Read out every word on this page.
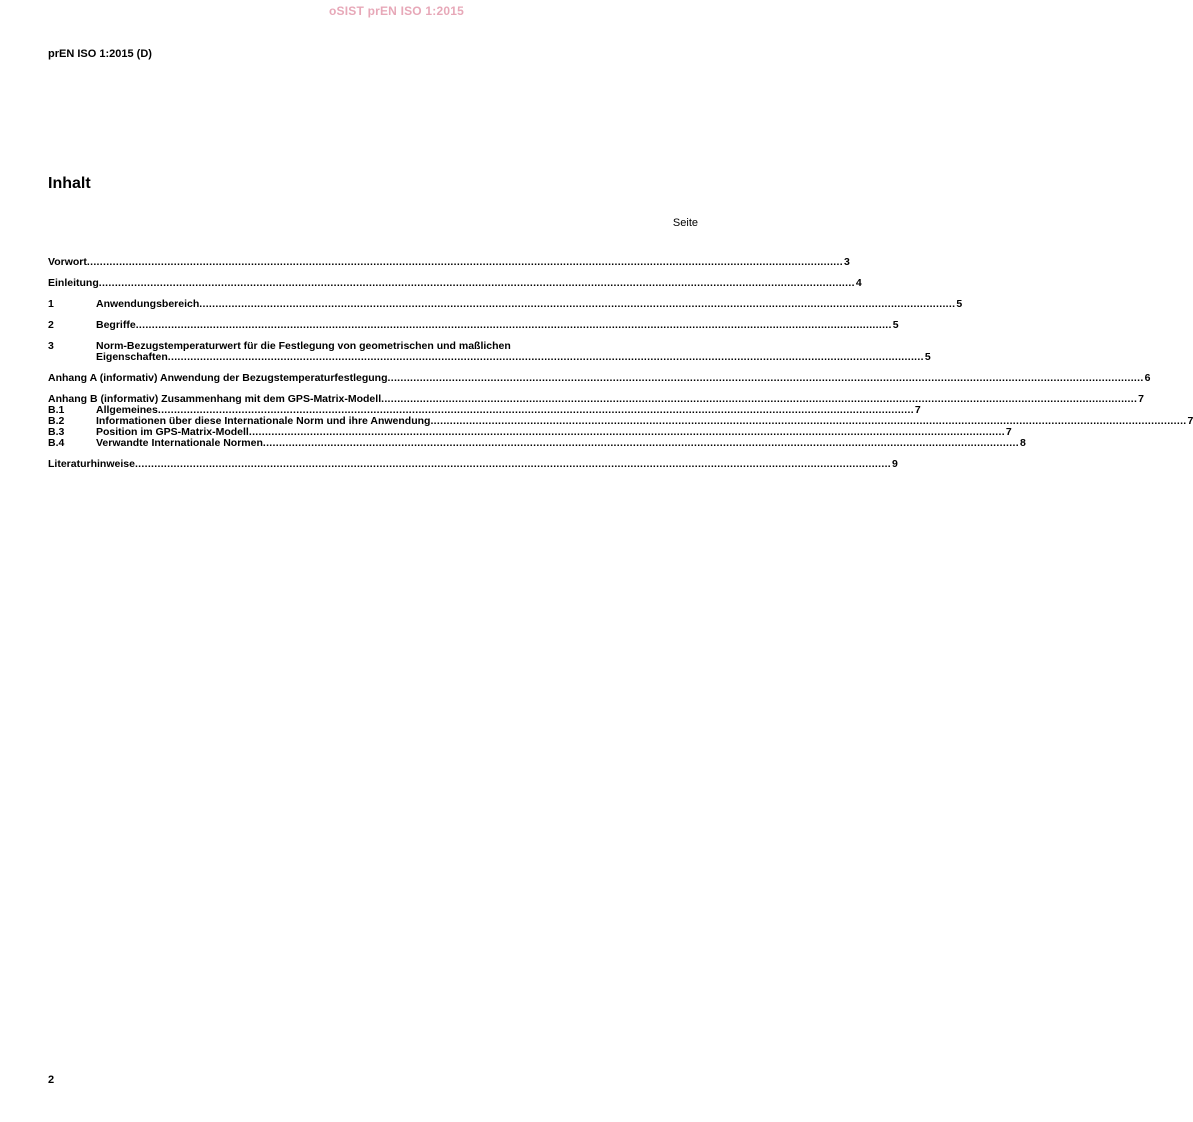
oSIST prEN ISO 1:2015
prEN ISO 1:2015 (D)
Inhalt
Seite
Vorwort .....	3
Einleitung .....	4
1	Anwendungsbereich .....	5
2	Begriffe .....	5
3	Norm-Bezugstemperaturwert für die Festlegung von geometrischen und maßlichen
Eigenschaften .....	5
Anhang A (informativ) Anwendung der Bezugstemperaturfestlegung .....	6
Anhang B (informativ) Zusammenhang mit dem GPS-Matrix-Modell .....	7
B.1	Allgemeines .....	7
B.2	Informationen über diese Internationale Norm und ihre Anwendung .....	7
B.3	Position im GPS-Matrix-Modell .....	7
B.4	Verwandte Internationale Normen .....	8
Literaturhinweise .....	9
2
